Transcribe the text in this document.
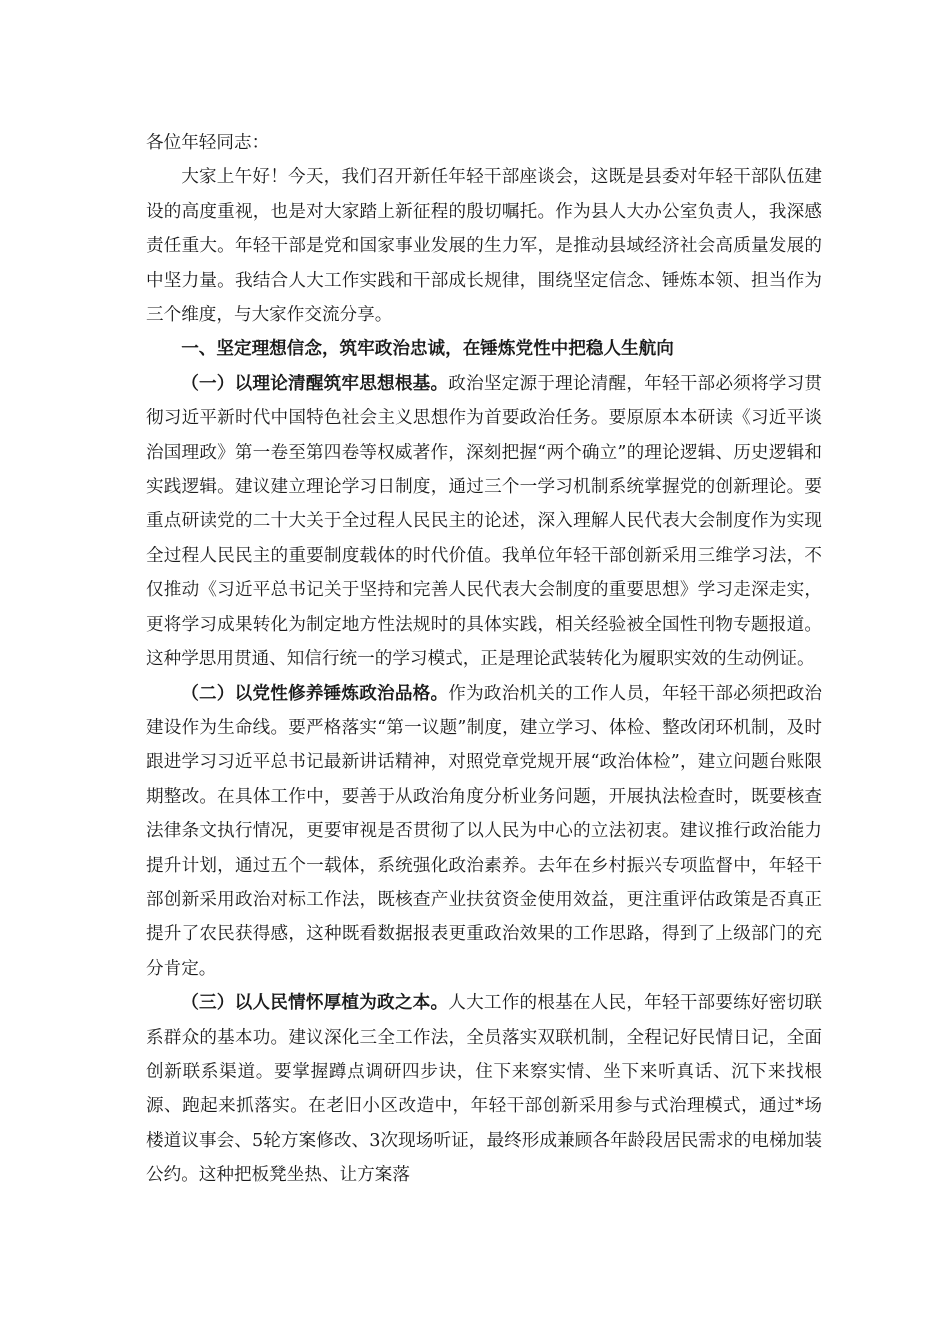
各位年轻同志：

大家上午好！今天，我们召开新任年轻干部座谈会，这既是县委对年轻干部队伍建设的高度重视，也是对大家踏上新征程的殷切嘱托。作为县人大办公室负责人，我深感责任重大。年轻干部是党和国家事业发展的生力军，是推动县域经济社会高质量发展的中坚力量。我结合人大工作实践和干部成长规律，围绕坚定信念、锤炼本领、担当作为三个维度，与大家作交流分享。

一、坚定理想信念，筑牢政治忠诚，在锤炼党性中把稳人生航向

（一）以理论清醒筑牢思想根基。政治坚定源于理论清醒，年轻干部必须将学习贯彻习近平新时代中国特色社会主义思想作为首要政治任务。要原原本本研读《习近平谈治国理政》第一卷至第四卷等权威著作，深刻把握“两个确立”的理论逻辑、历史逻辑和实践逻辑。建议建立理论学习日制度，通过三个一学习机制系统掌握党的创新理论。要重点研读党的二十大关于全过程人民民主的论述，深入理解人民代表大会制度作为实现全过程人民民主的重要制度载体的时代价值。我单位年轻干部创新采用三维学习法，不仅推动《习近平总书记关于坚持和完善人民代表大会制度的重要思想》学习走深走实，更将学习成果转化为制定地方性法规时的具体实践，相关经验被全国性刊物专题报道。这种学思用贯通、知信行统一的学习模式，正是理论武装转化为履职实效的生动例证。

（二）以党性修养锤炼政治品格。作为政治机关的工作人员，年轻干部必须把政治建设作为生命线。要严格落实“第一议题”制度，建立学习、体检、整改闭环机制，及时跟进学习习近平总书记最新讲话精神，对照党章党规开展“政治体检”，建立问题台账限期整改。在具体工作中，要善于从政治角度分析业务问题，开展执法检查时，既要核查法律条文执行情况，更要审视是否贯彻了以人民为中心的立法初衷。建议推行政治能力提升计划，通过五个一载体，系统强化政治素养。去年在乡村振兴专项监督中，年轻干部创新采用政治对标工作法，既核查产业扶贫资金使用效益，更注重评估政策是否真正提升了农民获得感，这种既看数据报表更重政治效果的工作思路，得到了上级部门的充分肯定。

（三）以人民情怀厚植为政之本。人大工作的根基在人民，年轻干部要练好密切联系群众的基本功。建议深化三全工作法，全员落实双联机制，全程记好民情日记，全面创新联系渠道。要掌握蹲点调研四步诀，住下来察实情、坐下来听真话、沉下来找根源、跑起来抓落实。在老旧小区改造中，年轻干部创新采用参与式治理模式，通过*场楼道议事会、5轮方案修改、3次现场听证，最终形成兼顾各年龄段居民需求的电梯加装公约。这种把板凳坐热、让方案落
